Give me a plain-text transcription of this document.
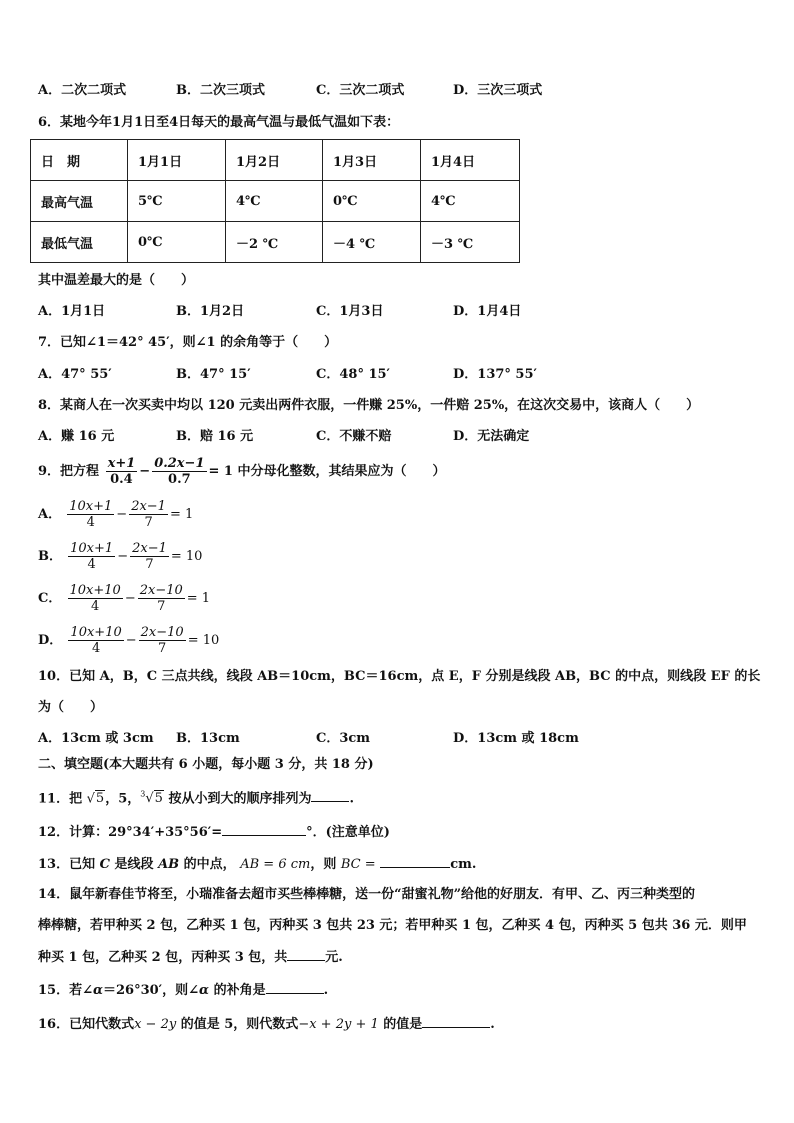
A．二次二项式	B．二次三项式	C．三次二项式	D．三次三项式
6．某地今年1月1日至4日每天的最高气温与最低气温如下表：
日　期	1月1日	1月2日	1月3日	1月4日
最高气温	5℃	4℃	0℃	4℃
最低气温	0℃	－2 ℃	－4 ℃	－3 ℃
其中温差最大的是（　　）
A．1月1日	B．1月2日	C．1月3日	D．1月4日
7．已知∠1＝42° 45′，则∠1 的余角等于（　　）
A．47° 55′	B．47° 15′	C．48° 15′	D．137° 55′
8．某商人在一次买卖中均以 120 元卖出两件衣服，一件赚 25%，一件赔 25%，在这次交易中，该商人（　　）
A．赚 16 元	B．赔 16 元	C．不赚不赔	D．无法确定
9．把方程 $\frac{x+1}{0.4} - \frac{0.2x-1}{0.7} = 1$ 中分母化整数，其结果应为（　　）
A． $\frac{10x+1}{4} - \frac{2x-1}{7} = 1$
B． $\frac{10x+1}{4} - \frac{2x-1}{7} = 10$
C． $\frac{10x+10}{4} - \frac{2x-10}{7} = 1$
D． $\frac{10x+10}{4} - \frac{2x-10}{7} = 10$
10．已知 A，B，C 三点共线，线段 AB＝10cm，BC＝16cm，点 E，F 分别是线段 AB，BC 的中点，则线段 EF 的长
为（　　）
A．13cm 或 3cm B．13cm	C．3cm	D．13cm 或 18cm
二、填空题(本大题共有 6 小题，每小题 3 分，共 18 分)
11．把 √5，5，$^3$√5 按从小到大的顺序排列为	.
12．计算：29°34′+35°56′=	°．(注意单位)
13．已知 C 是线段 AB 的中点， AB = 6 cm，则 BC =	cm.
14．鼠年新春佳节将至，小瑞准备去超市买些棒棒糖，送一份“甜蜜礼物”给他的好朋友．有甲、乙、丙三种类型的
棒棒糖，若甲种买 2 包，乙种买 1 包，丙种买 3 包共 23 元；若甲种买 1 包，乙种买 4 包，丙种买 5 包共 36 元．则甲
种买 1 包，乙种买 2 包，丙种买 3 包，共	元.
15．若∠α＝26°30′，则∠α 的补角是	.
16．已知代数式x − 2y 的值是 5，则代数式−x + 2y + 1 的值是	.
